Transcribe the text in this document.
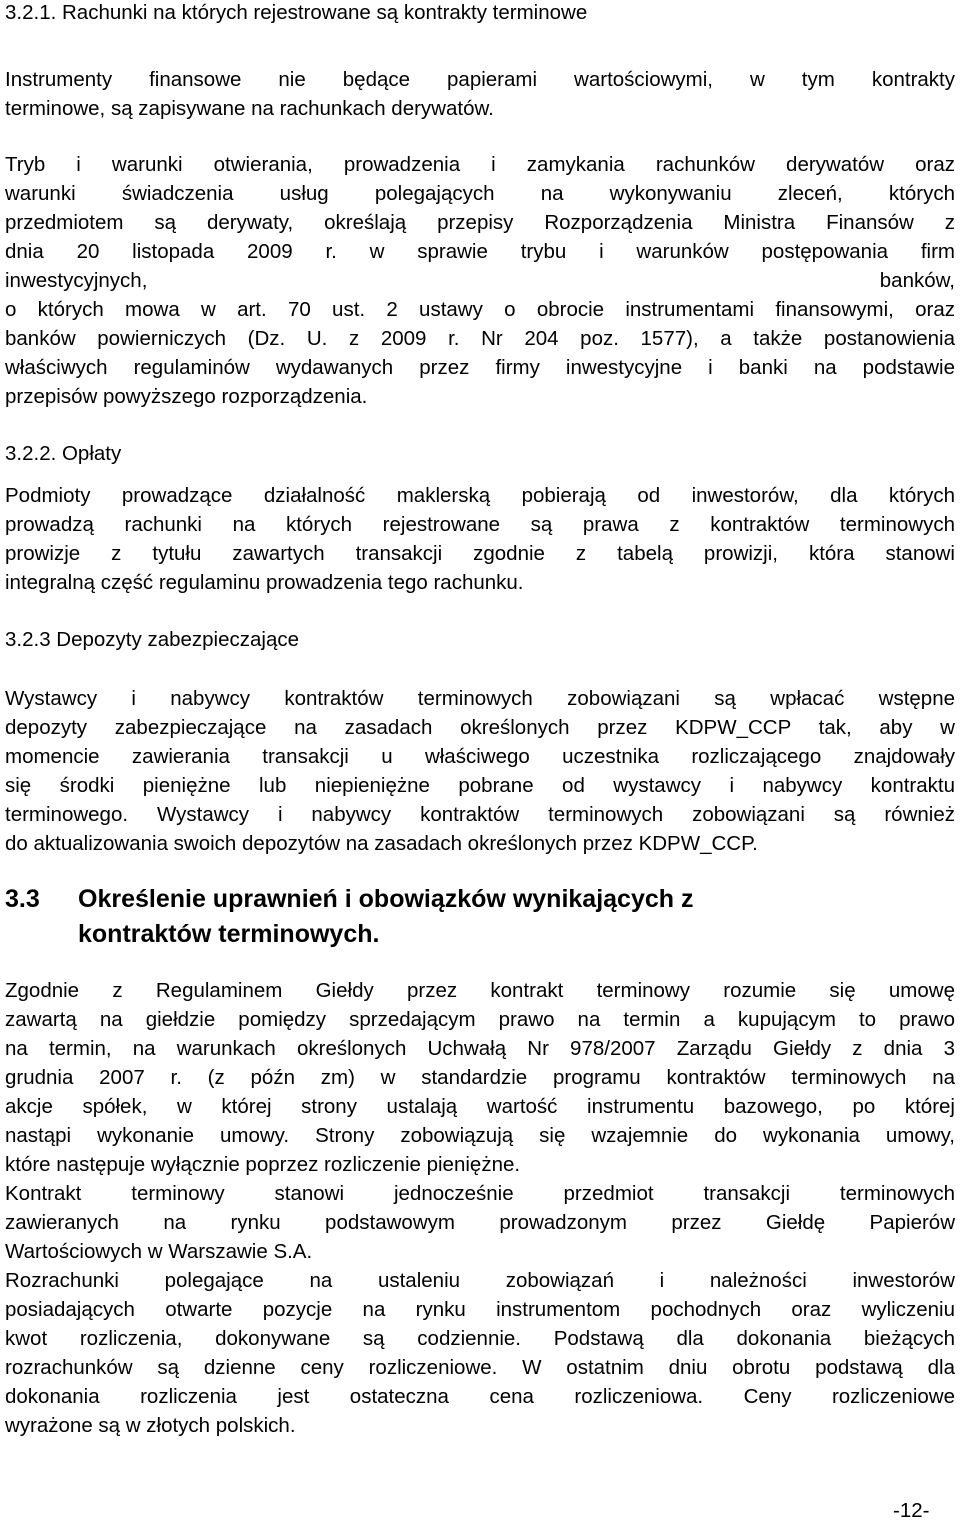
3.2.1. Rachunki na których rejestrowane są kontrakty terminowe
Instrumenty finansowe nie będące papierami wartościowymi, w tym kontrakty
terminowe, są zapisywane na rachunkach derywatów.
Tryb i warunki otwierania, prowadzenia i zamykania rachunków derywatów oraz
warunki świadczenia usług polegających na wykonywaniu zleceń, których
przedmiotem są derywaty, określają przepisy Rozporządzenia Ministra Finansów z
dnia 20 listopada 2009 r. w sprawie trybu i warunków postępowania firm
inwestycyjnych, banków,
o których mowa w art. 70 ust. 2 ustawy o obrocie instrumentami finansowymi, oraz
banków powierniczych (Dz. U. z 2009 r. Nr 204 poz. 1577), a także postanowienia
właściwych regulaminów wydawanych przez firmy inwestycyjne i banki na podstawie
przepisów powyższego rozporządzenia.
3.2.2. Opłaty
Podmioty prowadzące działalność maklerską pobierają od inwestorów, dla których
prowadzą rachunki na których rejestrowane są prawa z kontraktów terminowych
prowizje z tytułu zawartych transakcji zgodnie z tabelą prowizji, która stanowi
integralną część regulaminu prowadzenia tego rachunku.
3.2.3 Depozyty zabezpieczające
Wystawcy i nabywcy kontraktów terminowych zobowiązani są wpłacać wstępne
depozyty zabezpieczające na zasadach określonych przez KDPW_CCP tak, aby w
momencie zawierania transakcji u właściwego uczestnika rozliczającego znajdowały
się środki pieniężne lub niepieniężne pobrane od wystawcy i nabywcy kontraktu
terminowego. Wystawcy i nabywcy kontraktów terminowych zobowiązani są również
do aktualizowania swoich depozytów na zasadach określonych przez KDPW_CCP.
3.3 Określenie uprawnień i obowiązków wynikających z
kontraktów terminowych.
Zgodnie z Regulaminem Giełdy przez kontrakt terminowy rozumie się umowę
zawartą na giełdzie pomiędzy sprzedającym prawo na termin a kupującym to prawo
na termin, na warunkach określonych Uchwałą Nr 978/2007 Zarządu Giełdy z dnia 3
grudnia 2007 r. (z późn zm) w standardzie programu kontraktów terminowych na
akcje spółek, w której strony ustalają wartość instrumentu bazowego, po której
nastąpi wykonanie umowy. Strony zobowiązują się wzajemnie do wykonania umowy,
które następuje wyłącznie poprzez rozliczenie pieniężne.
Kontrakt terminowy stanowi jednocześnie przedmiot transakcji terminowych
zawieranych na rynku podstawowym prowadzonym przez Giełdę Papierów
Wartościowych w Warszawie S.A.
Rozrachunki polegające na ustaleniu zobowiązań i należności inwestorów
posiadających otwarte pozycje na rynku instrumentom pochodnych oraz wyliczeniu
kwot rozliczenia, dokonywane są codziennie. Podstawą dla dokonania bieżących
rozrachunków są dzienne ceny rozliczeniowe. W ostatnim dniu obrotu podstawą dla
dokonania rozliczenia jest ostateczna cena rozliczeniowa. Ceny rozliczeniowe
wyrażone są w złotych polskich.
-12-
